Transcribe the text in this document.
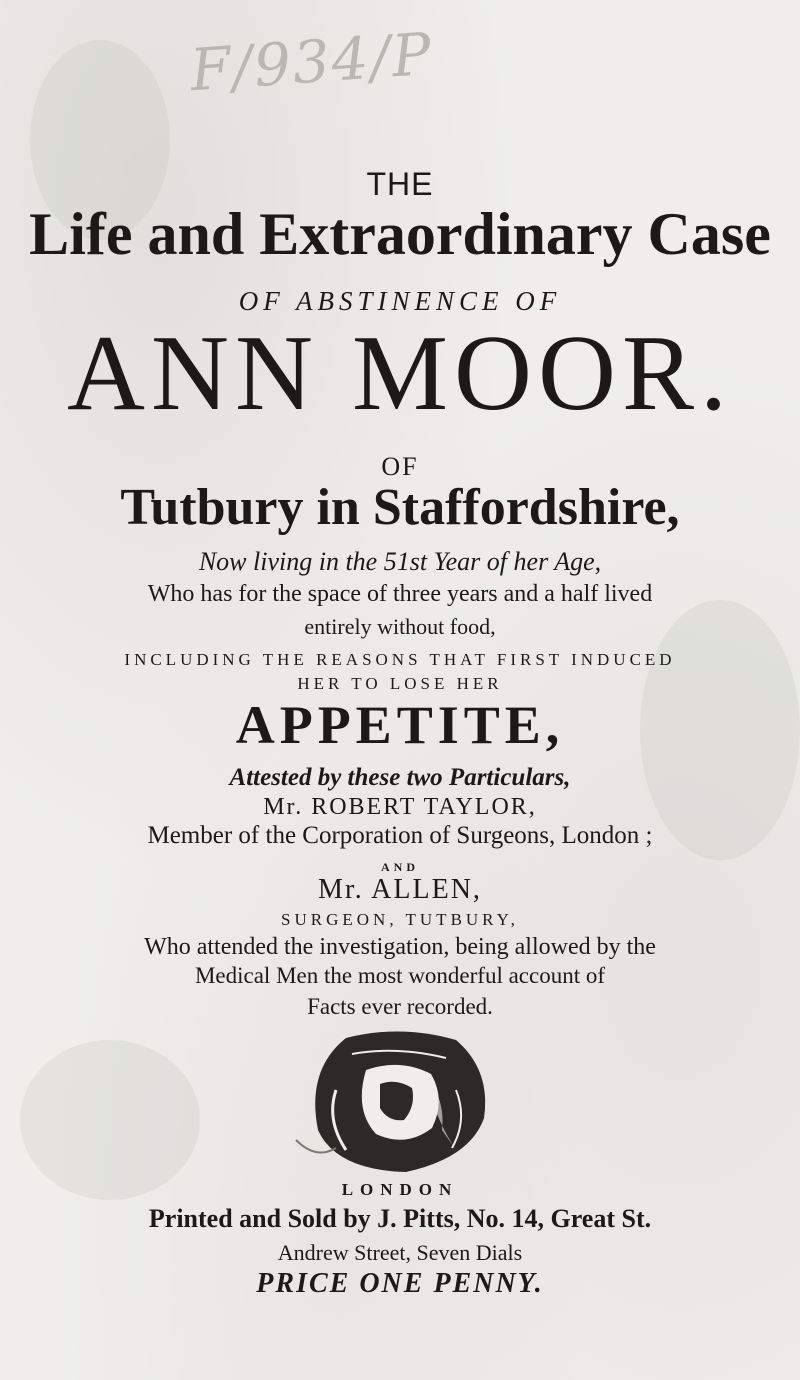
F/934/P
THE
Life and Extraordinary Case
OF ABSTINENCE OF
ANN MOOR.
OF
Tutbury in Staffordshire,
Now living in the 51st Year of her Age,
Who has for the space of three years and a half lived
entirely without food,
INCLUDING THE REASONS THAT FIRST INDUCED
HER TO LOSE HER
APPETITE,
Attested by these two Particulars,
Mr. ROBERT TAYLOR,
Member of the Corporation of Surgeons, London ;
AND
Mr. ALLEN,
SURGEON, TUTBURY,
Who attended the investigation, being allowed by the
Medical Men the most wonderful account of
Facts ever recorded.
LONDON
Printed and Sold by J. Pitts, No. 14, Great St.
Andrew Street, Seven Dials
PRICE ONE PENNY.
